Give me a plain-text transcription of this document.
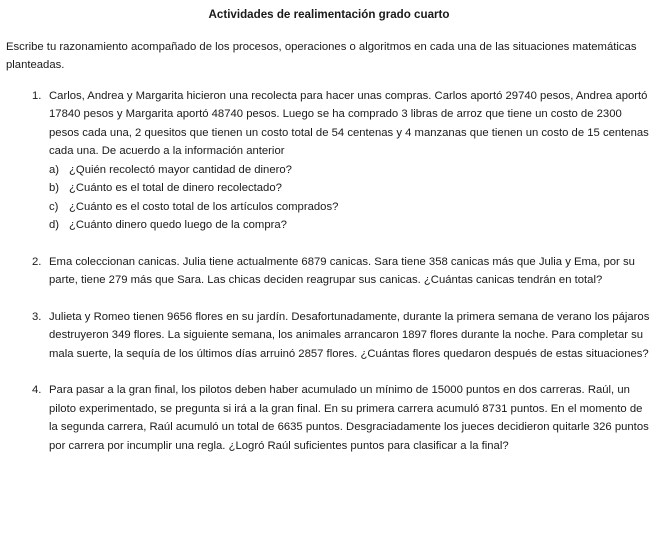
Actividades de realimentación grado cuarto

Escribe tu razonamiento acompañado de los procesos, operaciones o algoritmos en cada una de las situaciones matemáticas planteadas.

1. Carlos, Andrea y Margarita hicieron una recolecta para hacer unas compras. Carlos aportó 29740 pesos, Andrea aportó 17840 pesos y Margarita aportó 48740 pesos. Luego se ha comprado 3 libras de arroz que tiene un costo de 2300 pesos cada una, 2 quesitos que tienen un costo total de 54 centenas y 4 manzanas que tienen un costo de 15 centenas cada una. De acuerdo a la información anterior
a) ¿Quién recolectó mayor cantidad de dinero?
b) ¿Cuánto es el total de dinero recolectado?
c) ¿Cuánto es el costo total de los artículos comprados?
d) ¿Cuánto dinero quedo luego de la compra?
2. Ema coleccionan canicas. Julia tiene actualmente 6879 canicas. Sara tiene 358 canicas más que Julia y Ema, por su parte, tiene 279 más que Sara. Las chicas deciden reagrupar sus canicas. ¿Cuántas canicas tendrán en total?
3. Julieta y Romeo tienen 9656 flores en su jardín. Desafortunadamente, durante la primera semana de verano los pájaros destruyeron 349 flores. La siguiente semana, los animales arrancaron 1897 flores durante la noche. Para completar su mala suerte, la sequía de los últimos días arruinó 2857 flores. ¿Cuántas flores quedaron después de estas situaciones?
4. Para pasar a la gran final, los pilotos deben haber acumulado un mínimo de 15000 puntos en dos carreras. Raúl, un piloto experimentado, se pregunta si irá a la gran final. En su primera carrera acumuló 8731 puntos. En el momento de la segunda carrera, Raúl acumuló un total de 6635 puntos. Desgraciadamente los jueces decidieron quitarle 326 puntos por carrera por incumplir una regla. ¿Logró Raúl suficientes puntos para clasificar a la final?
